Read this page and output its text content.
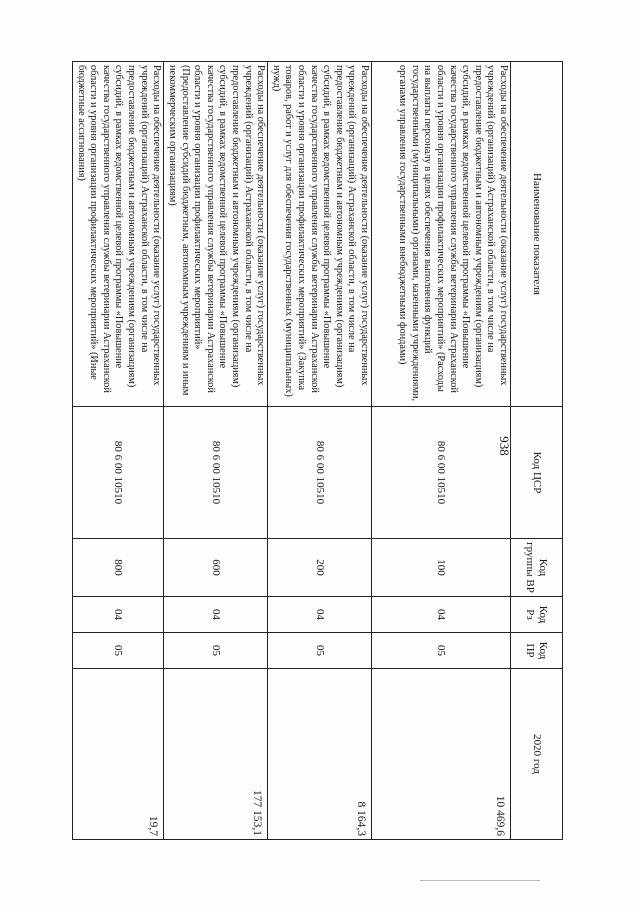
938
Наименование показателя	Код ЦСР	Код группы ВР	Код Рз	Код ПР	2020 год
Расходы на обеспечение деятельности (оказание услуг) государственных учреждений (организаций) Астраханской области, в том числе на предоставление бюджетным и автономным учреждениям (организациям) субсидий, в рамках ведомственной целевой программы «Повышение качества государственного управления службы ветеринарии Астраханской области и уровня организации профилактических мероприятий» (Расходы на выплаты персоналу в целях обеспечения выполнения функций государственными (муниципальными) органами, казенными учреждениями, органами управления государственными внебюджетными фондами)	80 6 00 10510	100	04	05	10 469,6
Расходы на обеспечение деятельности (оказание услуг) государственных учреждений (организаций) Астраханской области, в том числе на предоставление бюджетным и автономным учреждениям (организациям) субсидий, в рамках ведомственной целевой программы «Повышение качества государственного управления службы ветеринарии Астраханской области и уровня организации профилактических мероприятий» (Закупка товаров, работ и услуг для обеспечения государственных (муниципальных) нужд)	80 6 00 10510	200	04	05	8 164,3
Расходы на обеспечение деятельности (оказание услуг) государственных учреждений (организаций) Астраханской области, в том числе на предоставление бюджетным и автономным учреждениям (организациям) субсидий, в рамках ведомственной целевой программы «Повышение качества государственного управления службы ветеринарии Астраханской области и уровня организации профилактических мероприятий» (Предоставление субсидий бюджетным, автономным учреждениям и иным некоммерческим организациям)	80 6 00 10510	600	04	05	177 153,1
Расходы на обеспечение деятельности (оказание услуг) государственных учреждений (организаций) Астраханской области, в том числе на предоставление бюджетным и автономным учреждениям (организациям) субсидий, в рамках ведомственной целевой программы «Повышение качества государственного управления службы ветеринарии Астраханской области и уровня организации профилактических мероприятий» (Иные бюджетные ассигнования)	80 6 00 10510	800	04	05	19,7
